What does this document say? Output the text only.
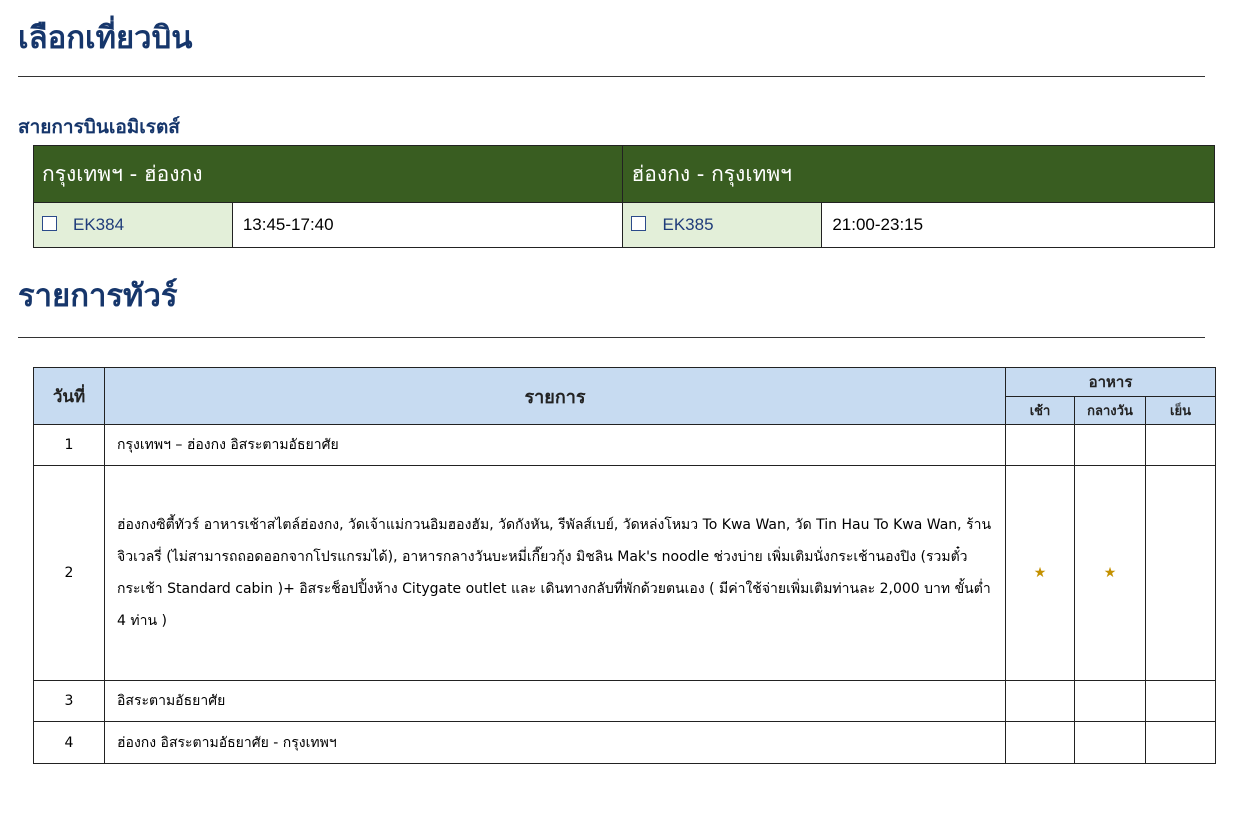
เลือกเที่ยวบิน
สายการบินเอมิเรตส์
กรุงเทพฯ - ฮ่องกง		ฮ่องกง - กรุงเทพฯ	
EK384	13:45-17:40	EK385	21:00-23:15
รายการทัวร์
วันที่	รายการ	อาหาร		
		เช้า	กลางวัน	เย็น
1	กรุงเทพฯ – ฮ่องกง อิสระตามอัธยาศัย			
2	ฮ่องกงซิตี้ทัวร์ อาหารเช้าสไตล์ฮ่องกง, วัดเจ้าแม่กวนอิมฮองฮัม, วัดกังหัน, รีพัลส์เบย์, วัดหล่งโหมว To Kwa Wan, วัด Tin Hau To Kwa Wan, ร้านจิวเวลรี่ (ไม่สามารถถอดออกจากโปรแกรมได้), อาหารกลางวันบะหมี่เกี๊ยวกุ้ง มิชลิน Mak's noodle ช่วงบ่าย เพิ่มเติมนั่งกระเช้านองปิง (รวมตั๋วกระเช้า Standard cabin )+ อิสระช็อปปิ้งห้าง Citygate outlet และ เดินทางกลับที่พักด้วยตนเอง ( มีค่าใช้จ่ายเพิ่มเติมท่านละ 2,000 บาท ขั้นต่ำ 4 ท่าน )	★	★	
3	อิสระตามอัธยาศัย			
4	ฮ่องกง อิสระตามอัธยาศัย - กรุงเทพฯ			
